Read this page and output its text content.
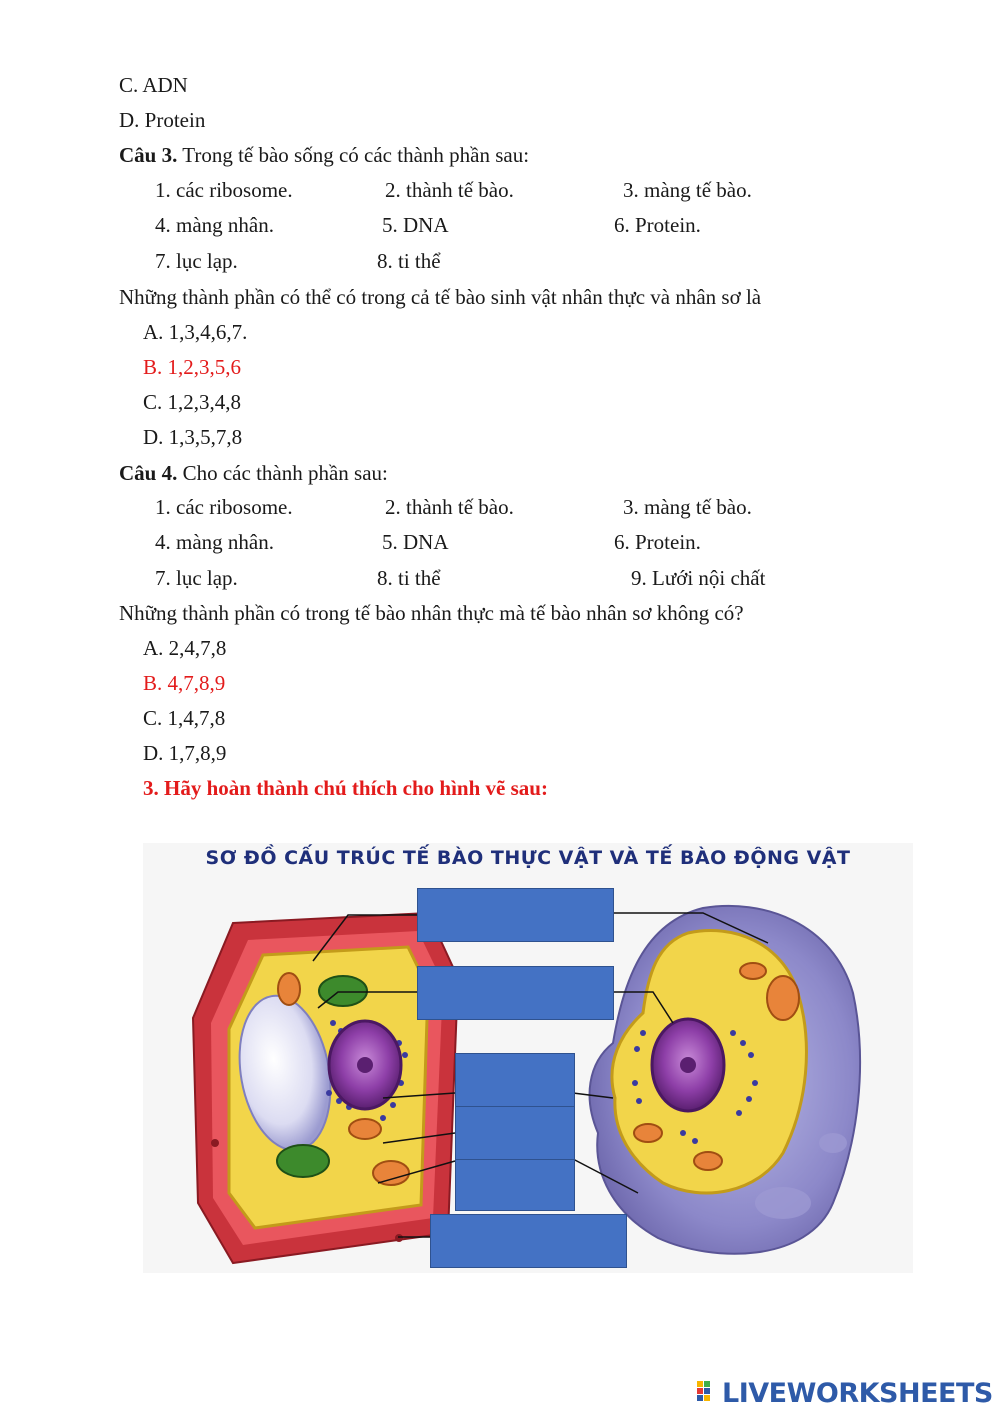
C. ADN
D. Protein
Câu 3. Trong tế bào sống có các thành phần sau:
1. các ribosome.	2. thành tế bào.	3. màng tế bào.
4. màng nhân.	5. DNA	6. Protein.
7. lục lạp.	8. ti thể
Những thành phần có thể có trong cả tế bào sinh vật nhân thực và nhân sơ là
A. 1,3,4,6,7.
B. 1,2,3,5,6
C. 1,2,3,4,8
D. 1,3,5,7,8
Câu 4. Cho các thành phần sau:
1. các ribosome.	2. thành tế bào.	3. màng tế bào.
4. màng nhân.	5. DNA	6. Protein.
7. lục lạp.	8. ti thể	9. Lưới nội chất
Những thành phần có trong tế bào nhân thực mà tế bào nhân sơ không có?
A. 2,4,7,8
B. 4,7,8,9
C. 1,4,7,8
D. 1,7,8,9
3. Hãy hoàn thành chú thích cho hình vẽ sau:
SƠ ĐỒ CẤU TRÚC TẾ BÀO THỰC VẬT VÀ TẾ BÀO ĐỘNG VẬT
LIVEWORKSHEETS
